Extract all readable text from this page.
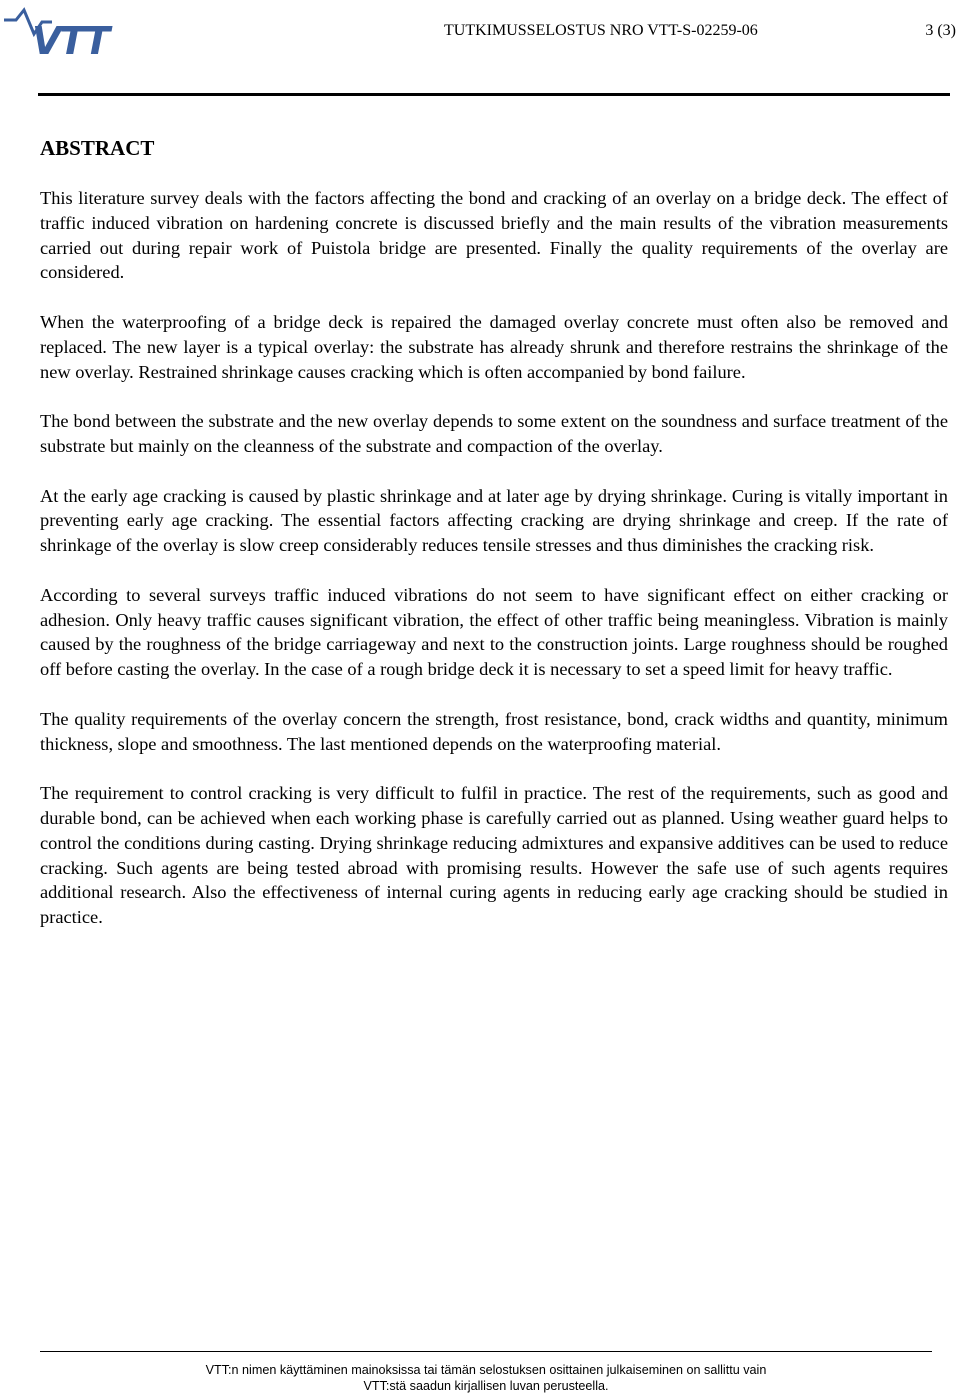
VTT	TUTKIMUSSELOSTUS NRO VTT-S-02259-06	3 (3)
ABSTRACT

This literature survey deals with the factors affecting the bond and cracking of an overlay on a bridge deck. The effect of traffic induced vibration on hardening concrete is discussed briefly and the main results of the vibration measurements carried out during repair work of Puistola bridge are presented. Finally the quality requirements of the overlay are considered.

When the waterproofing of a bridge deck is repaired the damaged overlay concrete must often also be removed and replaced. The new layer is a typical overlay: the substrate has already shrunk and therefore restrains the shrinkage of the new overlay. Restrained shrinkage causes cracking which is often accompanied by bond failure.

The bond between the substrate and the new overlay depends to some extent on the soundness and surface treatment of the substrate but mainly on the cleanness of the substrate and compaction of the overlay.

At the early age cracking is caused by plastic shrinkage and at later age by drying shrinkage. Curing is vitally important in preventing early age cracking. The essential factors affecting cracking are drying shrinkage and creep. If the rate of shrinkage of the overlay is slow creep considerably reduces tensile stresses and thus diminishes the cracking risk.

According to several surveys traffic induced vibrations do not seem to have significant effect on either cracking or adhesion. Only heavy traffic causes significant vibration, the effect of other traffic being meaningless. Vibration is mainly caused by the roughness of the bridge carriageway and next to the construction joints. Large roughness should be roughed off before casting the overlay. In the case of a rough bridge deck it is necessary to set a speed limit for heavy traffic.

The quality requirements of the overlay concern the strength, frost resistance, bond, crack widths and quantity, minimum thickness, slope and smoothness. The last mentioned depends on the waterproofing material.

The requirement to control cracking is very difficult to fulfil in practice. The rest of the requirements, such as good and durable bond, can be achieved when each working phase is carefully carried out as planned. Using weather guard helps to control the conditions during casting. Drying shrinkage reducing admixtures and expansive additives can be used to reduce cracking. Such agents are being tested abroad with promising results. However the safe use of such agents requires additional research. Also the effectiveness of internal curing agents in reducing early age cracking should be studied in practice.

VTT:n nimen käyttäminen mainoksissa tai tämän selostuksen osittainen julkaiseminen on sallittu vain
VTT:stä saadun kirjallisen luvan perusteella.
